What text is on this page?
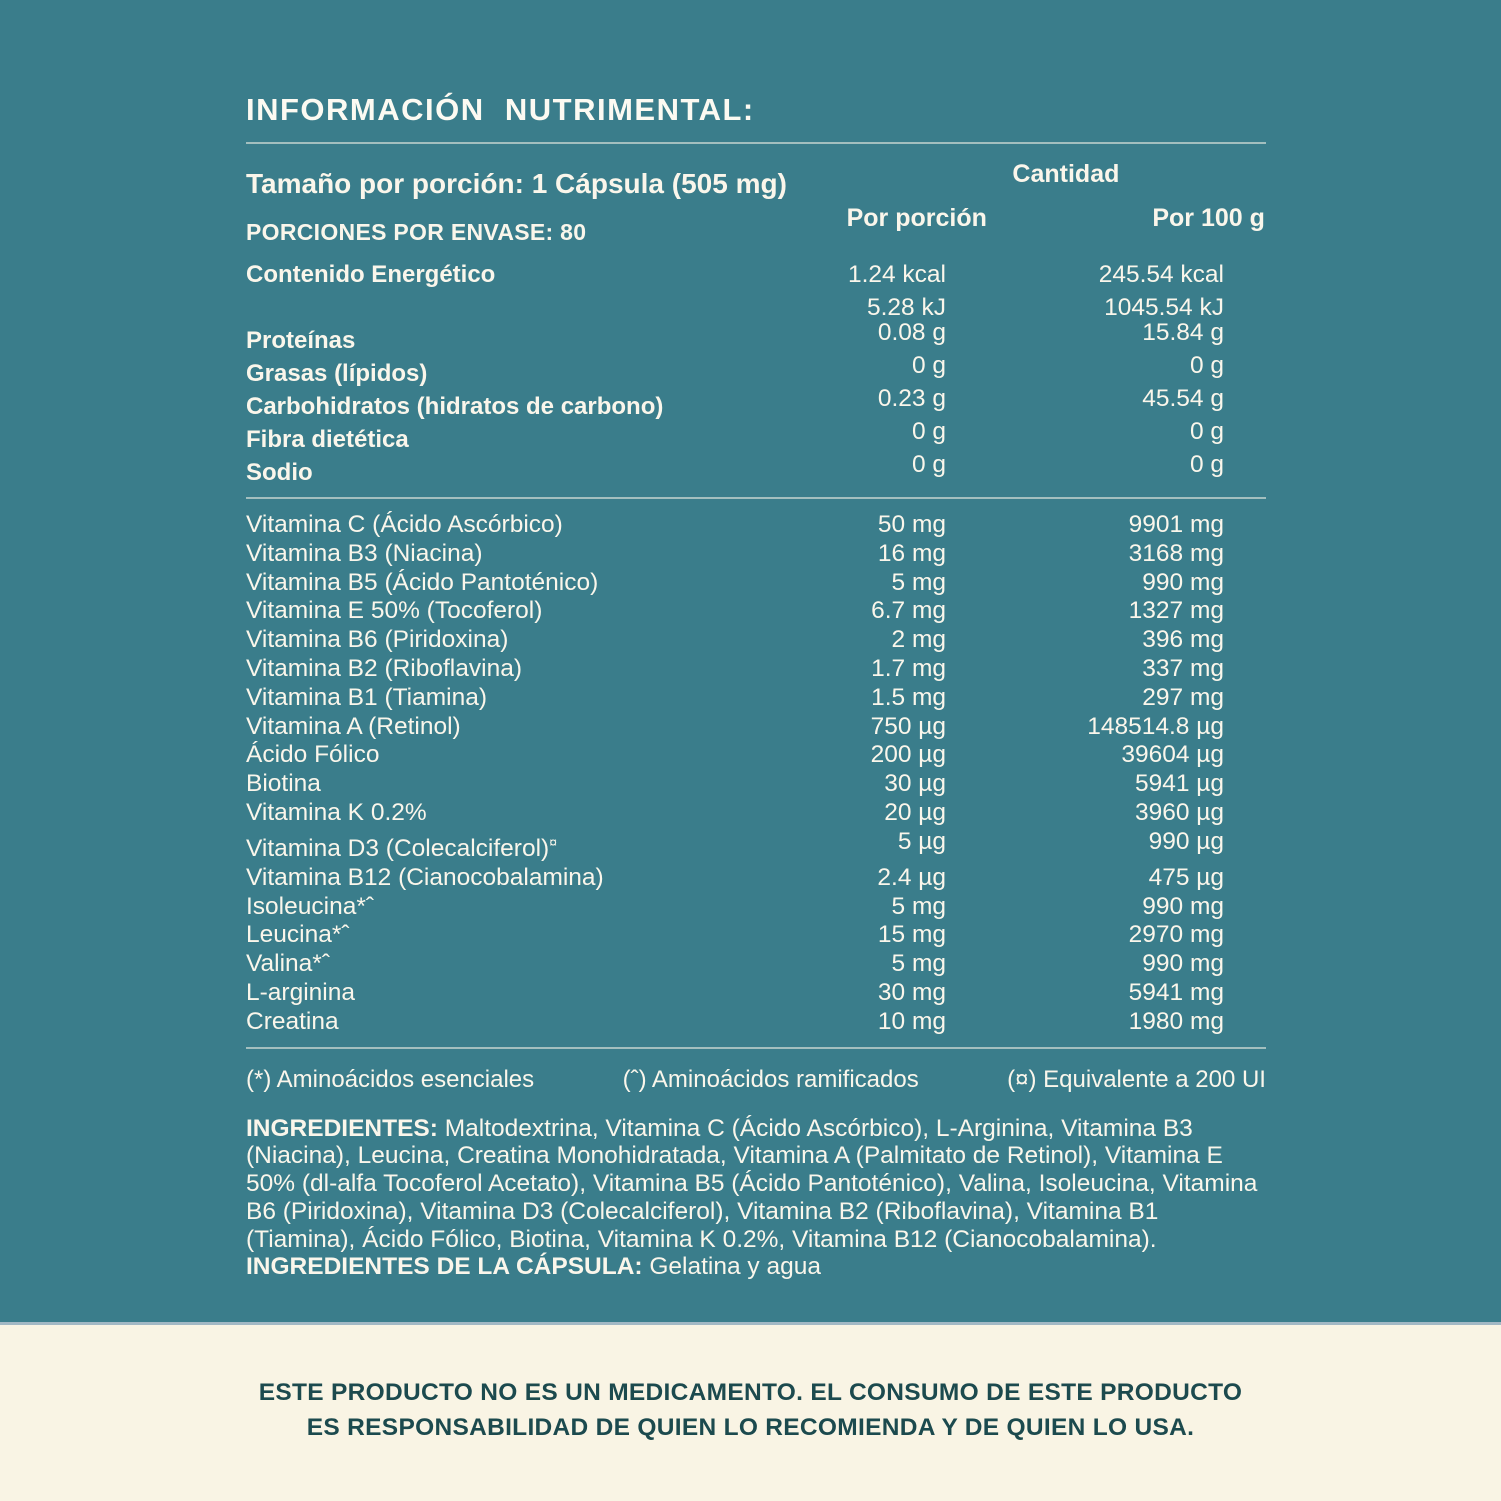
INFORMACIÓN  NUTRIMENTAL:
Tamaño por porción: 1 Cápsula (505 mg)	Cantidad
PORCIONES POR ENVASE: 80	Por porción	Por 100 g
Contenido Energético	1.24 kcal	245.54 kcal
5.28 kJ	1045.54 kJ
Proteínas	0.08 g	15.84 g
Grasas (lípidos)	0 g	0 g
Carbohidratos (hidratos de carbono)	0.23 g	45.54 g
Fibra dietética	0 g	0 g
Sodio	0 g	0 g
Vitamina C (Ácido Ascórbico)	50 mg	9901 mg
Vitamina B3 (Niacina)	16 mg	3168 mg
Vitamina B5 (Ácido Pantoténico)	5 mg	990 mg
Vitamina E 50% (Tocoferol)	6.7 mg	1327 mg
Vitamina B6 (Piridoxina)	2 mg	396 mg
Vitamina B2 (Riboflavina)	1.7 mg	337 mg
Vitamina B1 (Tiamina)	1.5 mg	297 mg
Vitamina A (Retinol)	750 µg	148514.8 µg
Ácido Fólico	200 µg	39604 µg
Biotina	30 µg	5941 µg
Vitamina K 0.2%	20 µg	3960 µg
Vitamina D3 (Colecalciferol)¤	5 µg	990 µg
Vitamina B12 (Cianocobalamina)	2.4 µg	475 µg
Isoleucina*ˆ	5 mg	990 mg
Leucina*ˆ	15 mg	2970 mg
Valina*ˆ	5 mg	990 mg
L-arginina	30 mg	5941 mg
Creatina	10 mg	1980 mg
(*) Aminoácidos esenciales	(ˆ) Aminoácidos ramificados	(¤) Equivalente a 200 UI

INGREDIENTES: Maltodextrina, Vitamina C (Ácido Ascórbico), L-Arginina, Vitamina B3 (Niacina), Leucina, Creatina Monohidratada, Vitamina A (Palmitato de Retinol), Vitamina E 50% (dl-alfa Tocoferol Acetato), Vitamina B5 (Ácido Pantoténico), Valina, Isoleucina, Vitamina B6 (Piridoxina), Vitamina D3 (Colecalciferol), Vitamina B2 (Riboflavina), Vitamina B1 (Tiamina), Ácido Fólico, Biotina, Vitamina K 0.2%, Vitamina B12 (Cianocobalamina). INGREDIENTES DE LA CÁPSULA: Gelatina y agua

ESTE PRODUCTO NO ES UN MEDICAMENTO. EL CONSUMO DE ESTE PRODUCTO
ES RESPONSABILIDAD DE QUIEN LO RECOMIENDA Y DE QUIEN LO USA.
